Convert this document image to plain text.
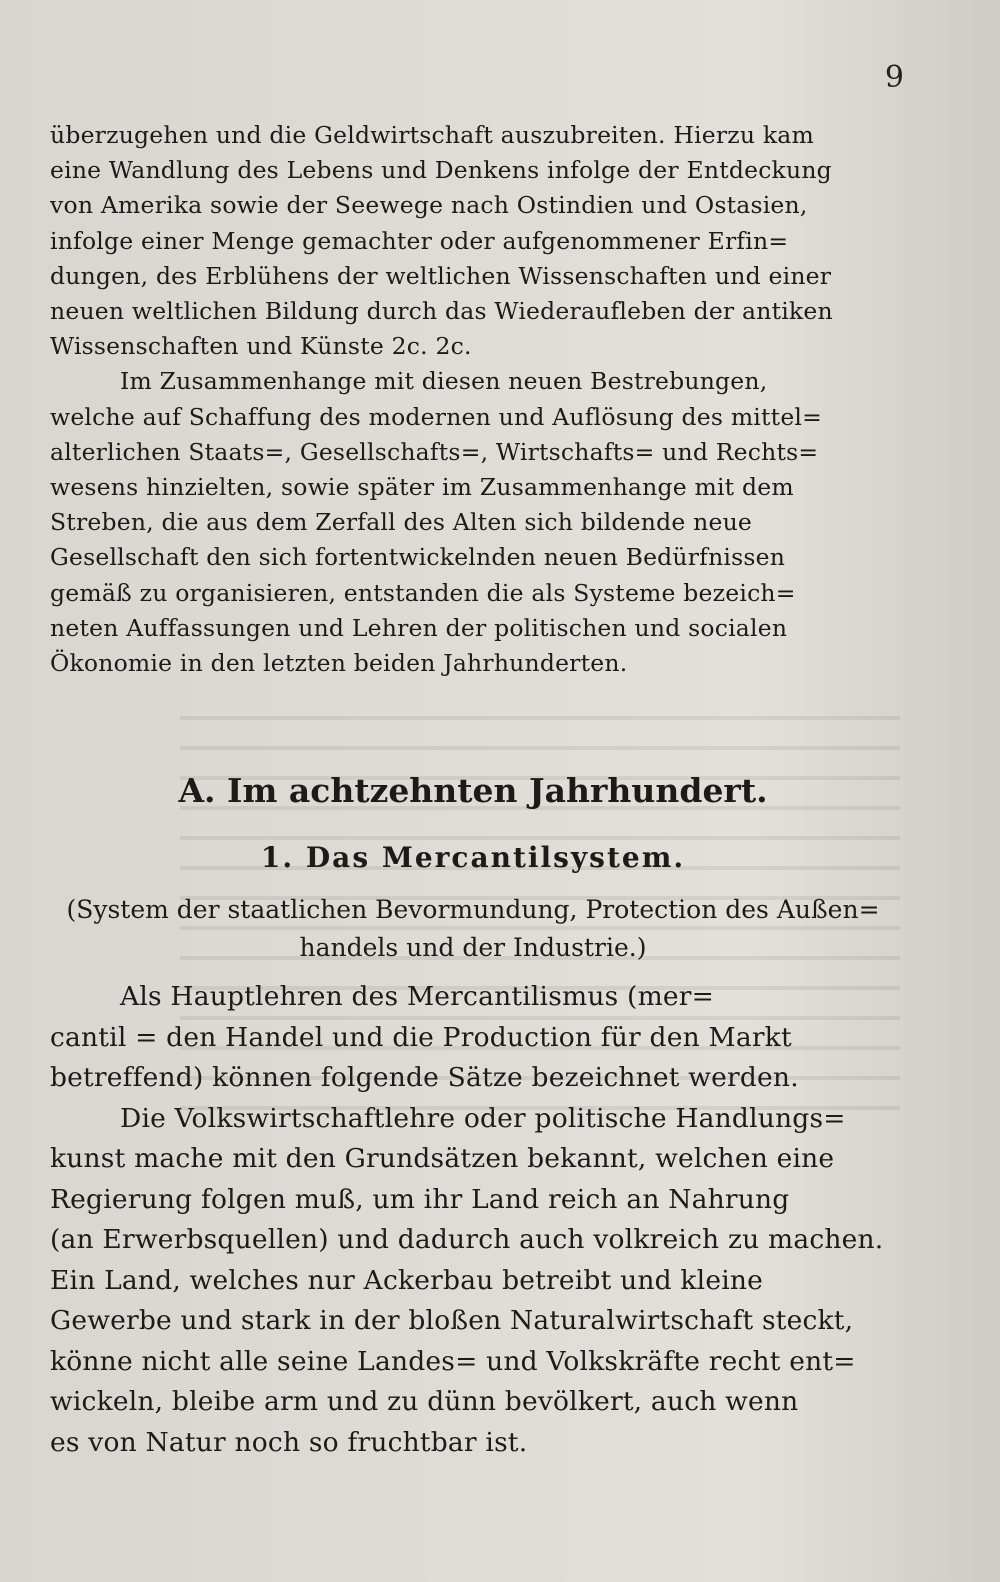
9

überzugehen und die Geldwirtschaft auszubreiten. Hierzu kam
eine Wandlung des Lebens und Denkens infolge der Entdeckung
von Amerika sowie der Seewege nach Ostindien und Ostasien,
infolge einer Menge gemachter oder aufgenommener Erfin=
dungen, des Erblühens der weltlichen Wissenschaften und einer
neuen weltlichen Bildung durch das Wiederaufleben der antiken
Wissenschaften und Künste 2c. 2c.

Im Zusammenhange mit diesen neuen Bestrebungen,
welche auf Schaffung des modernen und Auflösung des mittel=
alterlichen Staats=, Gesellschafts=, Wirtschafts= und Rechts=
wesens hinzielten, sowie später im Zusammenhange mit dem
Streben, die aus dem Zerfall des Alten sich bildende neue
Gesellschaft den sich fortentwickelnden neuen Bedürfnissen
gemäß zu organisieren, entstanden die als Systeme bezeich=
neten Auffassungen und Lehren der politischen und socialen
Ökonomie in den letzten beiden Jahrhunderten.

A. Im achtzehnten Jahrhundert.
1. Das Mercantilsystem.
(System der staatlichen Bevormundung, Protection des Außen=
handels und der Industrie.)

Als Hauptlehren des Mercantilismus (mer=
cantil = den Handel und die Production für den Markt
betreffend) können folgende Sätze bezeichnet werden.

Die Volkswirtschaftlehre oder politische Handlungs=
kunst mache mit den Grundsätzen bekannt, welchen eine
Regierung folgen muß, um ihr Land reich an Nahrung
(an Erwerbsquellen) und dadurch auch volkreich zu machen.
Ein Land, welches nur Ackerbau betreibt und kleine
Gewerbe und stark in der bloßen Naturalwirtschaft steckt,
könne nicht alle seine Landes= und Volkskräfte recht ent=
wickeln, bleibe arm und zu dünn bevölkert, auch wenn
es von Natur noch so fruchtbar ist.
